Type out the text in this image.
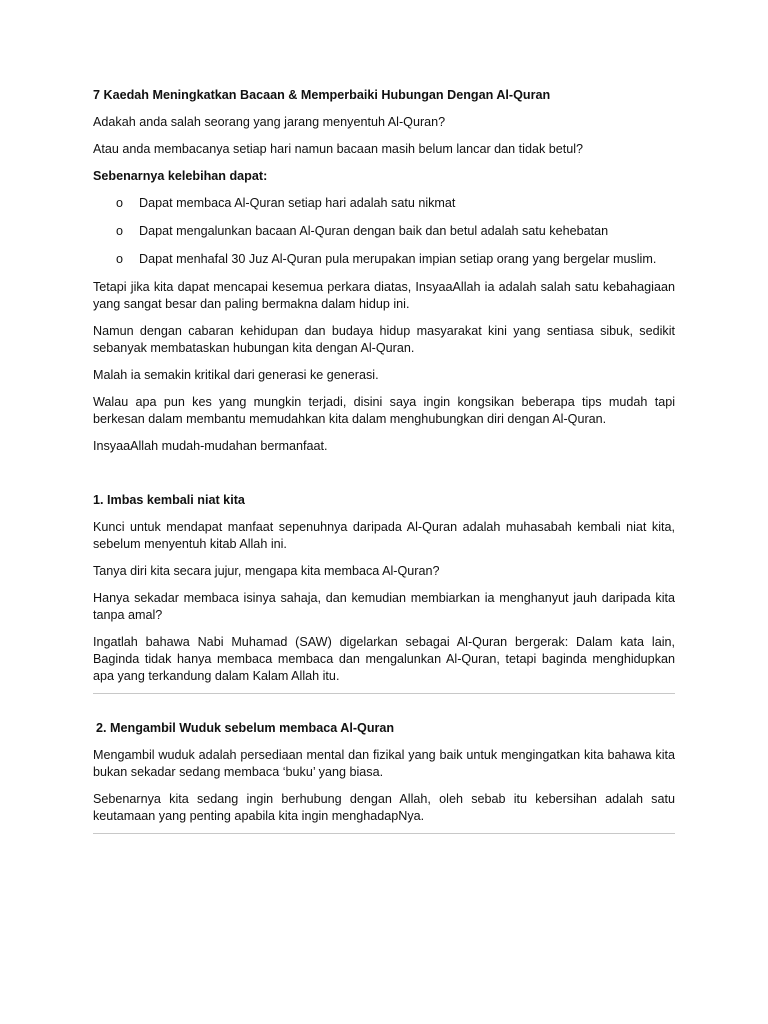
7 Kaedah Meningkatkan Bacaan & Memperbaiki Hubungan Dengan Al-Quran

Adakah anda salah seorang yang jarang menyentuh Al-Quran?

Atau anda membacanya setiap hari namun bacaan masih belum lancar dan tidak betul?

Sebenarnya kelebihan dapat:

o Dapat membaca Al-Quran setiap hari adalah satu nikmat
o Dapat mengalunkan bacaan Al-Quran dengan baik dan betul adalah satu kehebatan
o Dapat menhafal 30 Juz Al-Quran pula merupakan impian setiap orang yang bergelar muslim.

Tetapi jika kita dapat mencapai kesemua perkara diatas, InsyaaAllah ia adalah salah satu kebahagiaan yang sangat besar dan paling bermakna dalam hidup ini.

Namun dengan cabaran kehidupan dan budaya hidup masyarakat kini yang sentiasa sibuk, sedikit sebanyak membataskan hubungan kita dengan Al-Quran.

Malah ia semakin kritikal dari generasi ke generasi.

Walau apa pun kes yang mungkin terjadi, disini saya ingin kongsikan beberapa tips mudah tapi berkesan dalam membantu memudahkan kita dalam menghubungkan diri dengan Al-Quran.

InsyaaAllah mudah-mudahan bermanfaat.

1. Imbas kembali niat kita

Kunci untuk mendapat manfaat sepenuhnya daripada Al-Quran adalah muhasabah kembali niat kita, sebelum menyentuh kitab Allah ini.

Tanya diri kita secara jujur, mengapa kita membaca Al-Quran?

Hanya sekadar membaca isinya sahaja, dan kemudian membiarkan ia menghanyut jauh daripada kita tanpa amal?

Ingatlah bahawa Nabi Muhamad (SAW) digelarkan sebagai Al-Quran bergerak: Dalam kata lain, Baginda tidak hanya membaca membaca dan mengalunkan Al-Quran, tetapi baginda menghidupkan apa yang terkandung dalam Kalam Allah itu.

2. Mengambil Wuduk sebelum membaca Al-Quran

Mengambil wuduk adalah persediaan mental dan fizikal yang baik untuk mengingatkan kita bahawa kita bukan sekadar sedang membaca ‘buku’ yang biasa.

Sebenarnya kita sedang ingin berhubung dengan Allah, oleh sebab itu kebersihan adalah satu keutamaan yang penting apabila kita ingin menghadapNya.
